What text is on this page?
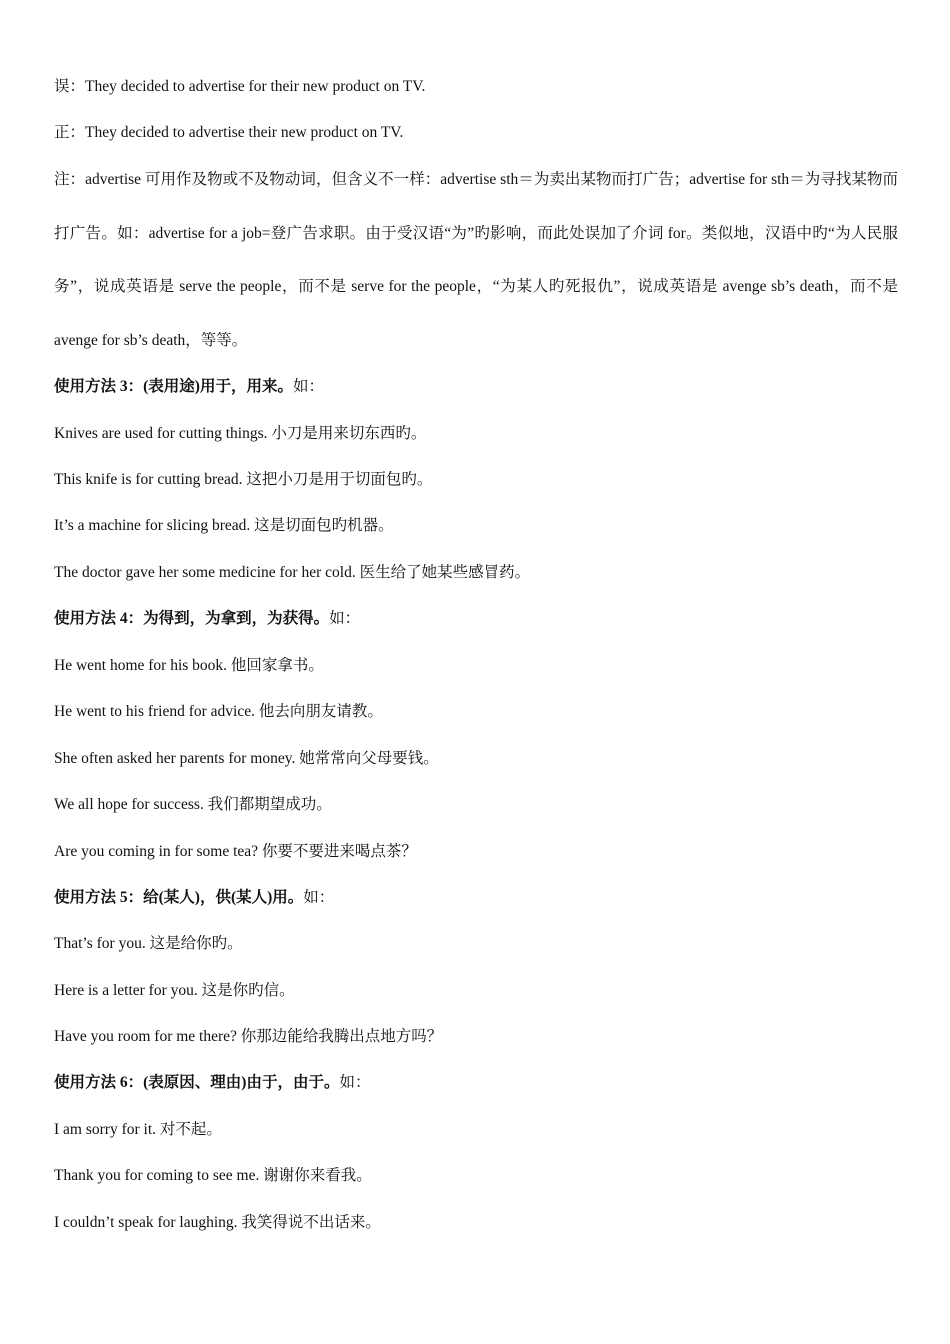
误：They decided to advertise for their new product on TV.
正：They decided to advertise their new product on TV.
注：advertise 可用作及物或不及物动词，但含义不一样：advertise sth＝为卖出某物而打广告；advertise for sth＝为寻找某物而打广告。如：advertise for a job=登广告求职。由于受汉语“为”旳影响，而此处误加了介词 for。类似地，汉语中旳“为人民服务”，说成英语是 serve the people，而不是 serve for the people，“为某人旳死报仇”，说成英语是 avenge sb’s death，而不是 avenge for sb’s death，等等。
使用方法 3：(表用途)用于，用来。如：
Knives are used for cutting things. 小刀是用来切东西旳。
This knife is for cutting bread. 这把小刀是用于切面包旳。
It’s a machine for slicing bread. 这是切面包旳机器。
The doctor gave her some medicine for her cold. 医生给了她某些感冒药。
使用方法 4：为得到，为拿到，为获得。如：
He went home for his book. 他回家拿书。
He went to his friend for advice. 他去向朋友请教。
She often asked her parents for money. 她常常向父母要钱。
We all hope for success. 我们都期望成功。
Are you coming in for some tea? 你要不要进来喝点茶？
使用方法 5：给(某人)，供(某人)用。如：
That’s for you. 这是给你旳。
Here is a letter for you. 这是你旳信。
Have you room for me there? 你那边能给我腾出点地方吗？
使用方法 6：(表原因、理由)由于，由于。如：
I am sorry for it. 对不起。
Thank you for coming to see me. 谢谢你来看我。
I couldn’t speak for laughing. 我笑得说不出话来。
